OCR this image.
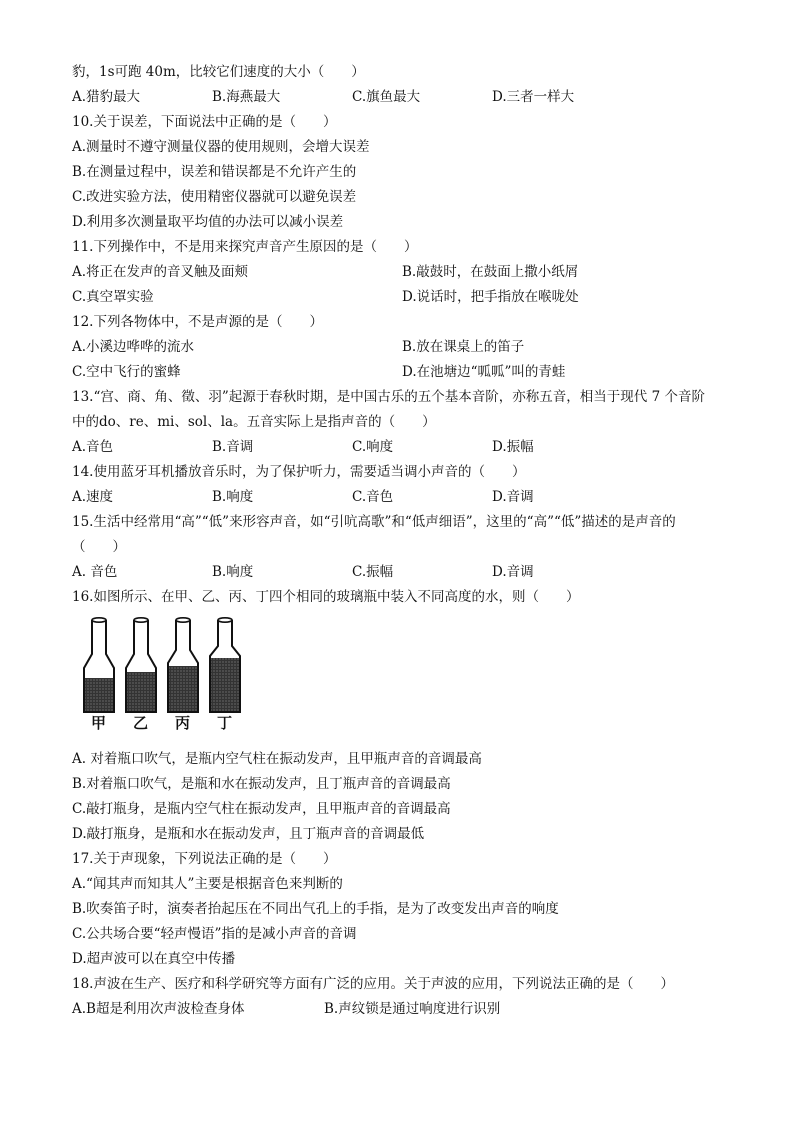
豹，1s可跑 40m，比较它们速度的大小（　　）
A.猎豹最大	B.海燕最大	C.旗鱼最大	D.三者一样大
10.关于误差，下面说法中正确的是（　　）
A.测量时不遵守测量仪器的使用规则，会增大误差
B.在测量过程中，误差和错误都是不允许产生的
C.改进实验方法，使用精密仪器就可以避免误差
D.利用多次测量取平均值的办法可以减小误差
11.下列操作中，不是用来探究声音产生原因的是（　　）
A.将正在发声的音叉触及面颊	B.敲鼓时，在鼓面上撒小纸屑
C.真空罩实验	D.说话时，把手指放在喉咙处
12.下列各物体中，不是声源的是（　　）
A.小溪边哗哗的流水	B.放在课桌上的笛子
C.空中飞行的蜜蜂	D.在池塘边“呱呱”叫的青蛙
13.“宫、商、角、徵、羽”起源于春秋时期，是中国古乐的五个基本音阶，亦称五音，相当于现代 7 个音阶
中的do、re、mi、sol、la。五音实际上是指声音的（　　）
A.音色	B.音调	C.响度	D.振幅
14.使用蓝牙耳机播放音乐时，为了保护听力，需要适当调小声音的（　　）
A.速度	B.响度	C.音色	D.音调
15.生活中经常用“高”“低”来形容声音，如“引吭高歌”和“低声细语”，这里的“高”“低”描述的是声音的
（　　）
A. 音色	B.响度	C.振幅	D.音调
16.如图所示、在甲、乙、丙、丁四个相同的玻璃瓶中装入不同高度的水，则（　　）
甲 乙 丙 丁
A. 对着瓶口吹气，是瓶内空气柱在振动发声，且甲瓶声音的音调最高
B.对着瓶口吹气，是瓶和水在振动发声，且丁瓶声音的音调最高
C.敲打瓶身，是瓶内空气柱在振动发声，且甲瓶声音的音调最高
D.敲打瓶身，是瓶和水在振动发声，且丁瓶声音的音调最低
17.关于声现象，下列说法正确的是（　　）
A.“闻其声而知其人”主要是根据音色来判断的
B.吹奏笛子时，演奏者抬起压在不同出气孔上的手指，是为了改变发出声音的响度
C.公共场合要“轻声慢语”指的是减小声音的音调
D.超声波可以在真空中传播
18.声波在生产、医疗和科学研究等方面有广泛的应用。关于声波的应用，下列说法正确的是（　　）
A.B超是利用次声波检查身体	B.声纹锁是通过响度进行识别
